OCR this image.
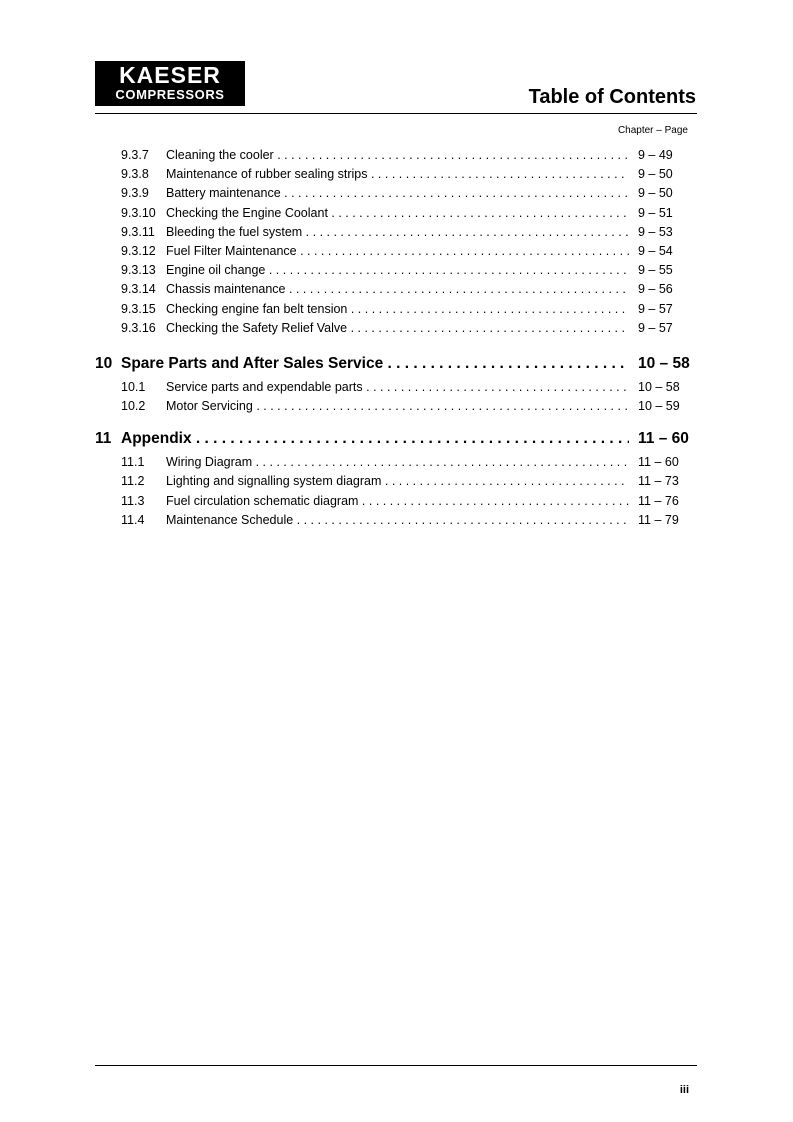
KAESER
COMPRESSORS	Table of Contents
Chapter – Page
9.3.7 Cleaning the cooler . . .	9 – 49
9.3.8 Maintenance of rubber sealing strips . . .	9 – 50
9.3.9 Battery maintenance . . .	9 – 50
9.3.10 Checking the Engine Coolant . . .	9 – 51
9.3.11 Bleeding the fuel system . . .	9 – 53
9.3.12 Fuel Filter Maintenance . . .	9 – 54
9.3.13 Engine oil change . . .	9 – 55
9.3.14 Chassis maintenance . . .	9 – 56
9.3.15 Checking engine fan belt tension . . .	9 – 57
9.3.16 Checking the Safety Relief Valve . . .	9 – 57
10 Spare Parts and After Sales Service . . .	10 – 58
10.1 Service parts and expendable parts . . .	10 – 58
10.2 Motor Servicing . . .	10 – 59
11 Appendix . . .	11 – 60
11.1 Wiring Diagram . . .	11 – 60
11.2 Lighting and signalling system diagram . . .	11 – 73
11.3 Fuel circulation schematic diagram . . .	11 – 76
11.4 Maintenance Schedule . . .	11 – 79
iii
